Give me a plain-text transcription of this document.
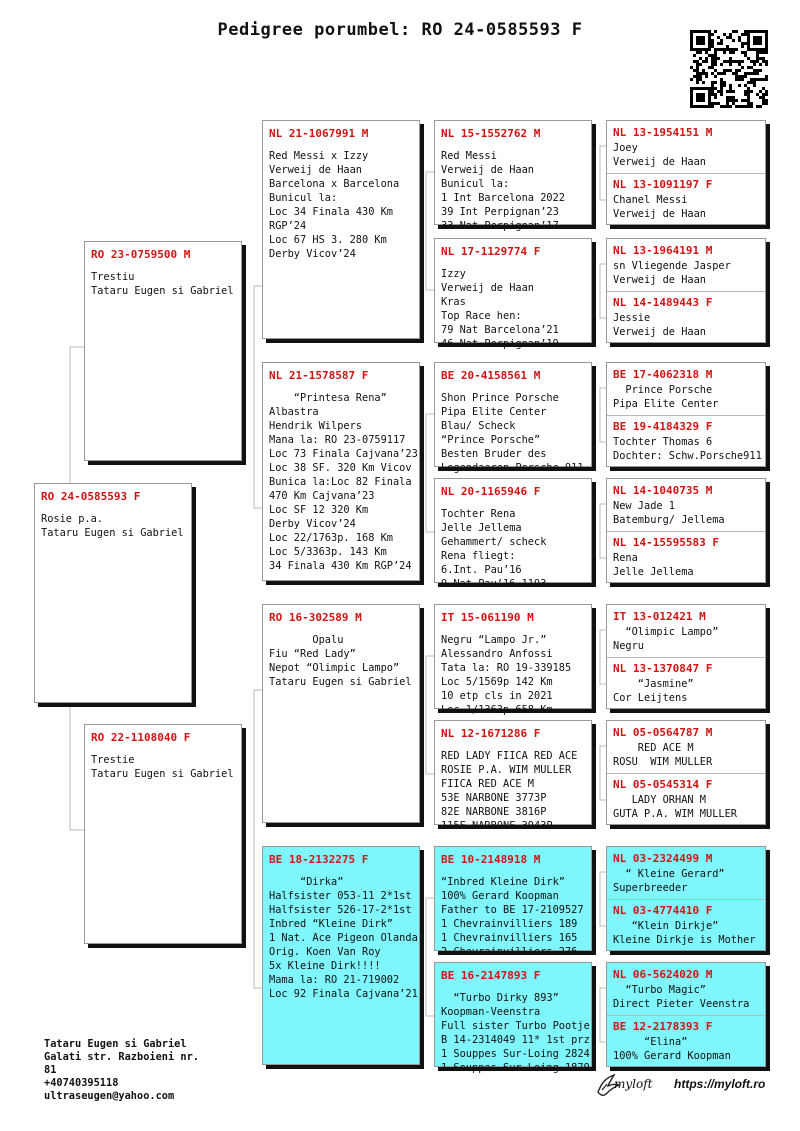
Pedigree porumbel: RO 24-0585593 F
RO 24-0585593 F
Rosie p.a.
Tataru Eugen si Gabriel
RO 23-0759500 M
Trestiu
Tataru Eugen si Gabriel
RO 22-1108040 F
Trestie
Tataru Eugen si Gabriel
NL 21-1067991 M
Red Messi x Izzy
Verweij de Haan
Barcelona x Barcelona
Bunicul la:
Loc 34 Finala 430 Km
RGP’24
Loc 67 HS 3. 280 Km
Derby Vicov’24
NL 21-1578587 F
“Printesa Rena”
Albastra
Hendrik Wilpers
Mana la: RO 23-0759117
Loc 73 Finala Cajvana’23
Loc 38 SF. 320 Km Vicov
Bunica la:Loc 82 Finala
470 Km Cajvana’23
Loc SF 12 320 Km
Derby Vicov’24
Loc 22/1763p. 168 Km
Loc 5/3363p. 143 Km
34 Finala 430 Km RGP’24
RO 16-302589 M
Opalu
Fiu “Red Lady”
Nepot “Olimpic Lampo”
Tataru Eugen si Gabriel
BE 18-2132275 F
“Dirka”
Halfsister 053-11 2*1st
Halfsister 526-17-2*1st
Inbred “Kleine Dirk”
1 Nat. Ace Pigeon Olanda
Orig. Koen Van Roy
5x Kleine Dirk!!!!
Mama la: RO 21-719002
Loc 92 Finala Cajvana’21
NL 15-1552762 M
Red Messi
Verweij de Haan
Bunicul la:
1 Int Barcelona 2022
39 Int Perpignan’23
33 Nat Perpignan’17
NL 17-1129774 F
Izzy
Verweij de Haan
Kras
Top Race hen:
79 Nat Barcelona’21
46 Nat Perpignan’19
BE 20-4158561 M
Shon Prince Porsche
Pipa Elite Center
Blau/ Scheck
“Prince Porsche”
Besten Bruder des
Legendaeren Porsche 911
NL 20-1165946 F
Tochter Rena
Jelle Jellema
Gehammert/ scheck
Rena fliegt:
6.Int. Pau’16
9.Nat.Pau’16 1193
IT 15-061190 M
Negru “Lampo Jr.”
Alessandro Anfossi
Tata la: RO 19-339185
Loc 5/1569p 142 Km
10 etp cls in 2021
Loc 1/1363p 658 Km
NL 12-1671286 F
RED LADY FIICA RED ACE
ROSIE P.A. WIM MULLER
FIICA RED ACE M
53E NARBONE 3773P
82E NARBONE 3816P
115E NARBONE 3943P
BE 10-2148918 M
“Inbred Kleine Dirk”
100% Gerard Koopman
Father to BE 17-2109527
1 Chevrainvilliers 189
1 Chevrainvilliers 165
2 Chevrainvilliers 276
BE 16-2147893 F
“Turbo Dirky 893”
Koopman-Veenstra
Full sister Turbo Pootje
B 14-2314049 11* 1st prz
1 Souppes Sur-Loing 2824
1 Souppes Sur-Loing 1879
NL 13-1954151 M
Joey
Verweij de Haan
NL 13-1091197 F
Chanel Messi
Verweij de Haan
NL 13-1964191 M
sn Vliegende Jasper
Verweij de Haan
NL 14-1489443 F
Jessie
Verweij de Haan
BE 17-4062318 M
Prince Porsche
Pipa Elite Center
BE 19-4184329 F
Tochter Thomas 6
Dochter: Schw.Porsche911
NL 14-1040735 M
New Jade 1
Batemburg/ Jellema
NL 14-15595583 F
Rena
Jelle Jellema
IT 13-012421 M
“Olimpic Lampo”
Negru
NL 13-1370847 F
“Jasmine”
Cor Leijtens
NL 05-0564787 M
RED ACE M
ROSU  WIM MULLER
NL 05-0545314 F
LADY ORHAN M
GUTA P.A. WIM MULLER
NL 03-2324499 M
“ Kleine Gerard”
Superbreeder
NL 03-4774410 F
“Klein Dirkje”
Kleine Dirkje is Mother
NL 06-5624020 M
“Turbo Magic”
Direct Pieter Veenstra
BE 12-2178393 F
“Elina”
100% Gerard Koopman
Tataru Eugen si Gabriel
Galati str. Razboieni nr.
81
+40740395118
ultraseugen@yahoo.com
myloft https://myloft.ro
